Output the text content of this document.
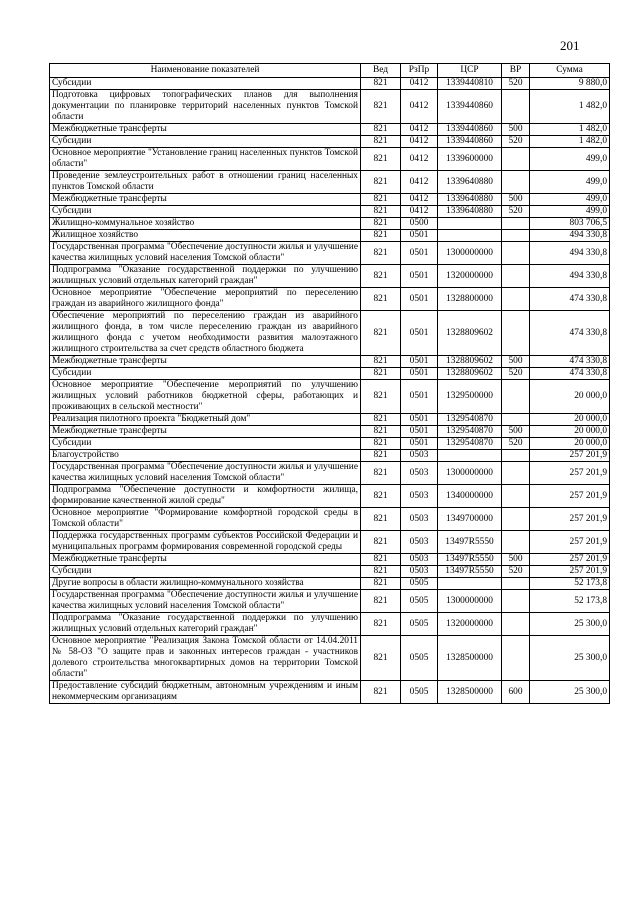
201
Наименование показателей	Вед	РзПр	ЦСР	ВР	Сумма
Субсидии	821	0412	1339440810	520	9 880,0
Подготовка цифровых топографических планов для выполнения документации по планировке территорий населенных пунктов Томской области	821	0412	1339440860		1 482,0
Межбюджетные трансферты	821	0412	1339440860	500	1 482,0
Субсидии	821	0412	1339440860	520	1 482,0
Основное мероприятие "Установление границ населенных пунктов Томской области"	821	0412	1339600000		499,0
Проведение землеустроительных работ в отношении границ населенных пунктов Томской области	821	0412	1339640880		499,0
Межбюджетные трансферты	821	0412	1339640880	500	499,0
Субсидии	821	0412	1339640880	520	499,0
Жилищно-коммунальное хозяйство	821	0500			803 706,5
Жилищное хозяйство	821	0501			494 330,8
Государственная программа "Обеспечение доступности жилья и улучшение качества жилищных условий населения Томской области"	821	0501	1300000000		494 330,8
Подпрограмма "Оказание государственной поддержки по улучшению жилищных условий отдельных категорий граждан"	821	0501	1320000000		494 330,8
Основное мероприятие "Обеспечение мероприятий по переселению граждан из аварийного жилищного фонда"	821	0501	1328800000		474 330,8
Обеспечение мероприятий по переселению граждан из аварийного жилищного фонда, в том числе переселению граждан из аварийного жилищного фонда с учетом необходимости развития малоэтажного жилищного строительства за счет средств областного бюджета	821	0501	1328809602		474 330,8
Межбюджетные трансферты	821	0501	1328809602	500	474 330,8
Субсидии	821	0501	1328809602	520	474 330,8
Основное мероприятие "Обеспечение мероприятий по улучшению жилищных условий работников бюджетной сферы, работающих и проживающих в сельской местности"	821	0501	1329500000		20 000,0
Реализация пилотного проекта "Бюджетный дом"	821	0501	1329540870		20 000,0
Межбюджетные трансферты	821	0501	1329540870	500	20 000,0
Субсидии	821	0501	1329540870	520	20 000,0
Благоустройство	821	0503			257 201,9
Государственная программа "Обеспечение доступности жилья и улучшение качества жилищных условий населения Томской области"	821	0503	1300000000		257 201,9
Подпрограмма "Обеспечение доступности и комфортности жилища, формирование качественной жилой среды"	821	0503	1340000000		257 201,9
Основное мероприятие "Формирование комфортной городской среды в Томской области"	821	0503	1349700000		257 201,9
Поддержка государственных программ субъектов Российской Федерации и муниципальных программ формирования современной городской среды	821	0503	13497R5550		257 201,9
Межбюджетные трансферты	821	0503	13497R5550	500	257 201,9
Субсидии	821	0503	13497R5550	520	257 201,9
Другие вопросы в области жилищно-коммунального хозяйства	821	0505			52 173,8
Государственная программа "Обеспечение доступности жилья и улучшение качества жилищных условий населения Томской области"	821	0505	1300000000		52 173,8
Подпрограмма "Оказание государственной поддержки по улучшению жилищных условий отдельных категорий граждан"	821	0505	1320000000		25 300,0
Основное мероприятие "Реализация Закона Томской области от 14.04.2011 № 58-ОЗ "О защите прав и законных интересов граждан - участников долевого строительства многоквартирных домов на территории Томской области"	821	0505	1328500000		25 300,0
Предоставление субсидий бюджетным, автономным учреждениям и иным некоммерческим организациям	821	0505	1328500000	600	25 300,0
